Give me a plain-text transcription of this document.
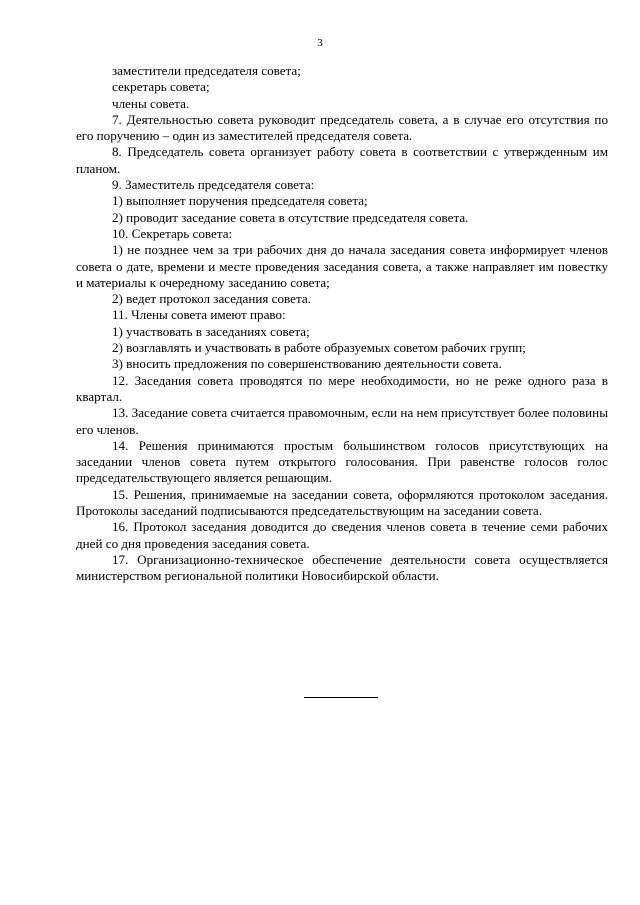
3

заместители председателя совета;

секретарь совета;

члены совета.

7. Деятельностью совета руководит председатель совета, а в случае его отсутствия по его поручению – один из заместителей председателя совета.

8. Председатель совета организует работу совета в соответствии с утвержденным им планом.

9. Заместитель председателя совета:

1) выполняет поручения председателя совета;

2) проводит заседание совета в отсутствие председателя совета.

10. Секретарь совета:

1) не позднее чем за три рабочих дня до начала заседания совета информирует членов совета о дате, времени и месте проведения заседания совета, а также направляет им повестку и материалы к очередному заседанию совета;

2) ведет протокол заседания совета.

11. Члены совета имеют право:

1) участвовать в заседаниях совета;

2) возглавлять и участвовать в работе образуемых советом рабочих групп;

3) вносить предложения по совершенствованию деятельности совета.

12. Заседания совета проводятся по мере необходимости, но не реже одного раза в квартал.

13. Заседание совета считается правомочным, если на нем присутствует более половины его членов.

14. Решения принимаются простым большинством голосов присутствующих на заседании членов совета путем открытого голосования. При равенстве голосов голос председательствующего является решающим.

15. Решения, принимаемые на заседании совета, оформляются протоколом заседания. Протоколы заседаний подписываются председательствующим на заседании совета.

16. Протокол заседания доводится до сведения членов совета в течение семи рабочих дней со дня проведения заседания совета.

17. Организационно-техническое обеспечение деятельности совета осуществляется министерством региональной политики Новосибирской области.
